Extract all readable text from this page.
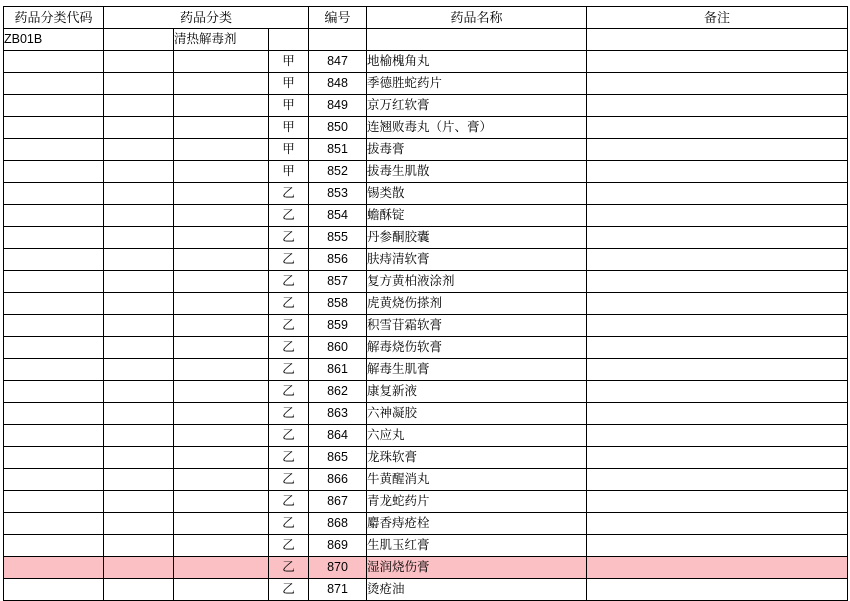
药品分类代码	药品分类			编号	药品名称	备注
ZB01B		清热解毒剂				
			甲	847	地榆槐角丸	
			甲	848	季德胜蛇药片	
			甲	849	京万红软膏	
			甲	850	连翘败毒丸（片、膏）	
			甲	851	拔毒膏	
			甲	852	拔毒生肌散	
			乙	853	锡类散	
			乙	854	蟾酥锭	
			乙	855	丹参酮胶囊	
			乙	856	肤痔清软膏	
			乙	857	复方黄柏液涂剂	
			乙	858	虎黄烧伤搽剂	
			乙	859	积雪苷霜软膏	
			乙	860	解毒烧伤软膏	
			乙	861	解毒生肌膏	
			乙	862	康复新液	
			乙	863	六神凝胶	
			乙	864	六应丸	
			乙	865	龙珠软膏	
			乙	866	牛黄醒消丸	
			乙	867	青龙蛇药片	
			乙	868	麝香痔疮栓	
			乙	869	生肌玉红膏	
			乙	870	湿润烧伤膏	
			乙	871	烫疮油	
